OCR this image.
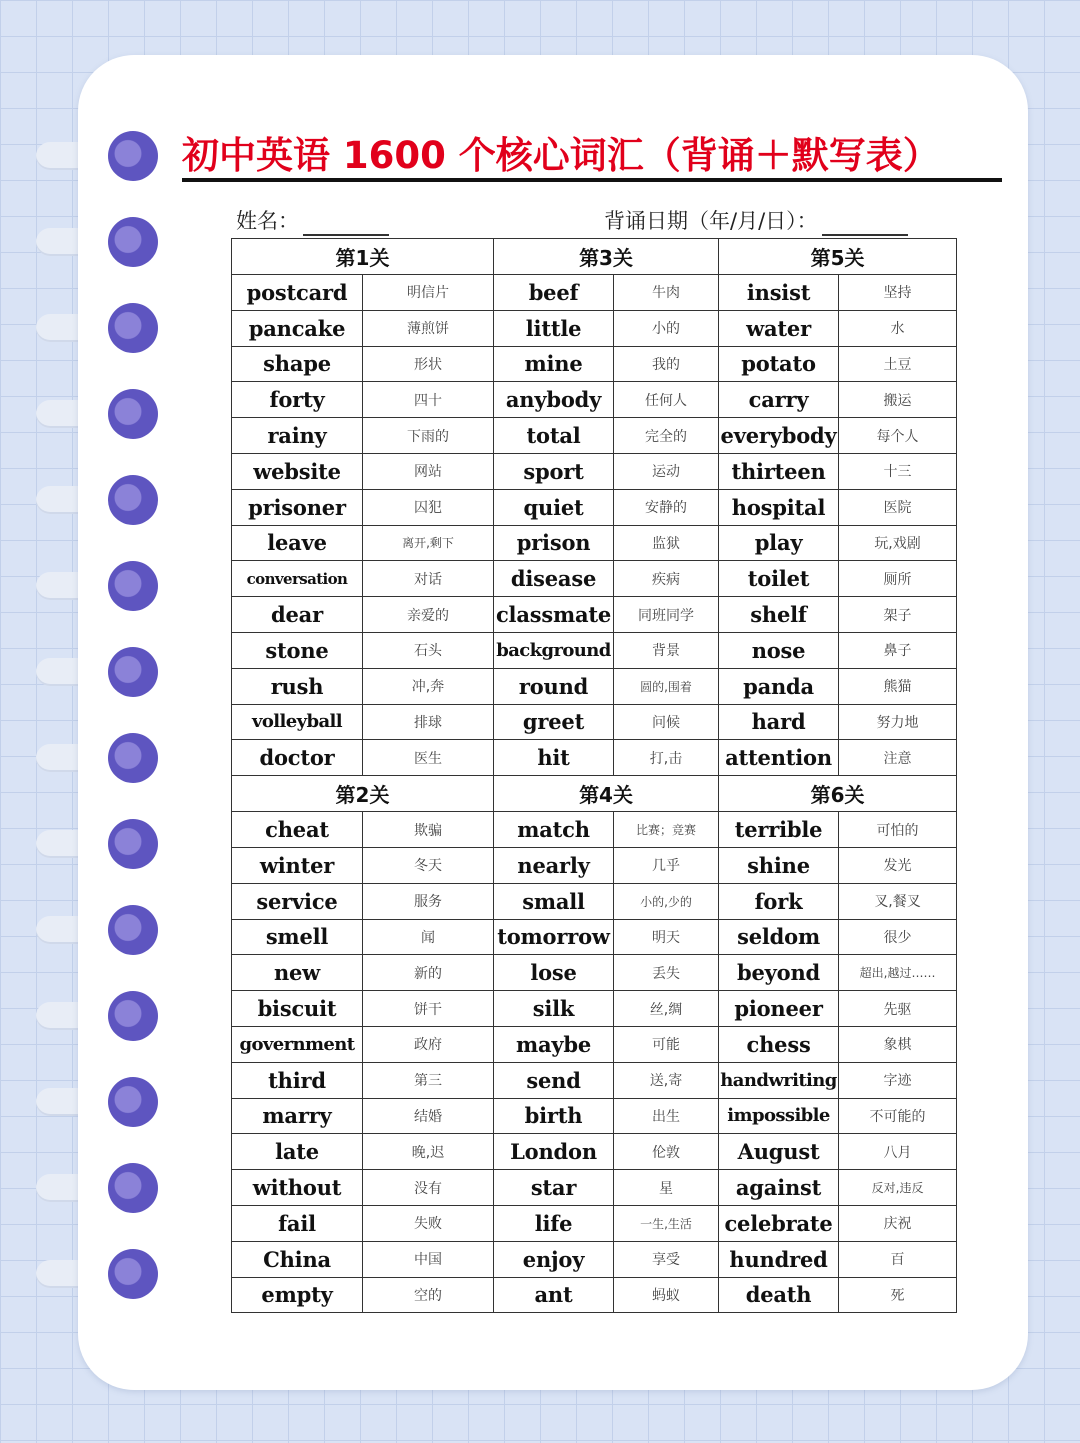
初中英语 1600 个核心词汇（背诵＋默写表）
姓名：	背诵日期（年/月/日）：
第1关		第3关		第5关	
postcard	明信片	beef	牛肉	insist	坚持
pancake	薄煎饼	little	小的	water	水
shape	形状	mine	我的	potato	土豆
forty	四十	anybody	任何人	carry	搬运
rainy	下雨的	total	完全的	everybody	每个人
website	网站	sport	运动	thirteen	十三
prisoner	囚犯	quiet	安静的	hospital	医院
leave	离开,剩下	prison	监狱	play	玩,戏剧
conversation	对话	disease	疾病	toilet	厕所
dear	亲爱的	classmate	同班同学	shelf	架子
stone	石头	background	背景	nose	鼻子
rush	冲,奔	round	圆的,围着	panda	熊猫
volleyball	排球	greet	问候	hard	努力地
doctor	医生	hit	打,击	attention	注意
第2关		第4关		第6关	
cheat	欺骗	match	比赛；竞赛	terrible	可怕的
winter	冬天	nearly	几乎	shine	发光
service	服务	small	小的,少的	fork	叉,餐叉
smell	闻	tomorrow	明天	seldom	很少
new	新的	lose	丢失	beyond	超出,越过……
biscuit	饼干	silk	丝,绸	pioneer	先驱
government	政府	maybe	可能	chess	象棋
third	第三	send	送,寄	handwriting	字迹
marry	结婚	birth	出生	impossible	不可能的
late	晚,迟	London	伦敦	August	八月
without	没有	star	星	against	反对,违反
fail	失败	life	一生,生活	celebrate	庆祝
China	中国	enjoy	享受	hundred	百
empty	空的	ant	蚂蚁	death	死
